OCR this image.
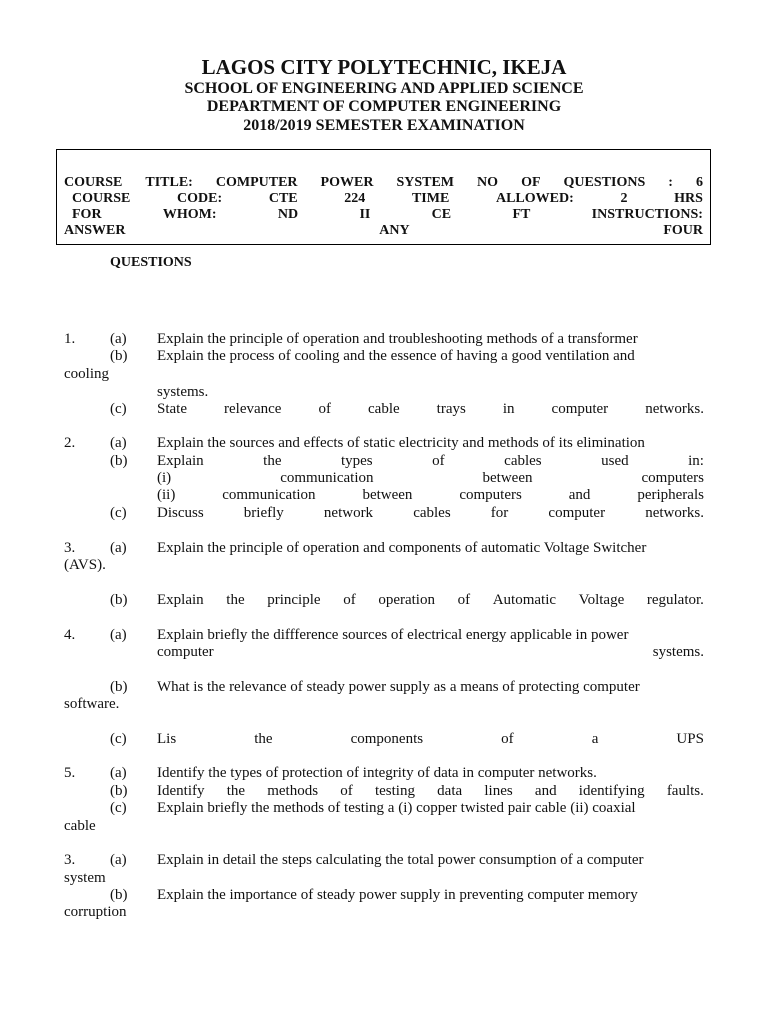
LAGOS CITY POLYTECHNIC, IKEJA
SCHOOL OF ENGINEERING AND APPLIED SCIENCE
DEPARTMENT OF COMPUTER ENGINEERING
2018/2019 SEMESTER EXAMINATION
COURSE TITLE: COMPUTER POWER SYSTEM NO OF QUESTIONS : 6
COURSE	CODE:	CTE	224	TIME	ALLOWED:	2	HRS
FOR	WHOM:	ND	II	CE	FT	INSTRUCTIONS:
ANSWER	ANY	FOUR
QUESTIONS
1. (a) Explain the principle of operation and troubleshooting methods of a transformer
(b) Explain the process of cooling and the essence of having a good ventilation and
cooling
systems.
(c) State relevance of cable trays in computer networks.
2. (a) Explain the sources and effects of static electricity and methods of its elimination
(b) Explain	the	types	of	cables	used	in:
(i)	communication	between	computers
(ii)	communication	between	computers	and	peripherals
(c) Discuss	briefly	network	cables	for	computer	networks.
3. (a) Explain the principle of operation and components of automatic Voltage Switcher
(AVS).
(b) Explain the principle of operation of Automatic Voltage regulator.
4. (a) Explain briefly the diffference sources of electrical energy applicable in power
computer	systems.
(b) What is the relevance of steady power supply as a means of protecting computer
software.
(c) Lis	the	components	of	a	UPS
5. (a) Identify the types of protection of integrity of data in computer networks.
(b) Identify the methods of testing data lines and identifying faults.
(c) Explain briefly the methods of testing a (i) copper twisted pair cable (ii) coaxial
cable
3. (a) Explain in detail the steps calculating the total power consumption of a computer
system
(b) Explain the importance of steady power supply in preventing computer memory
corruption
